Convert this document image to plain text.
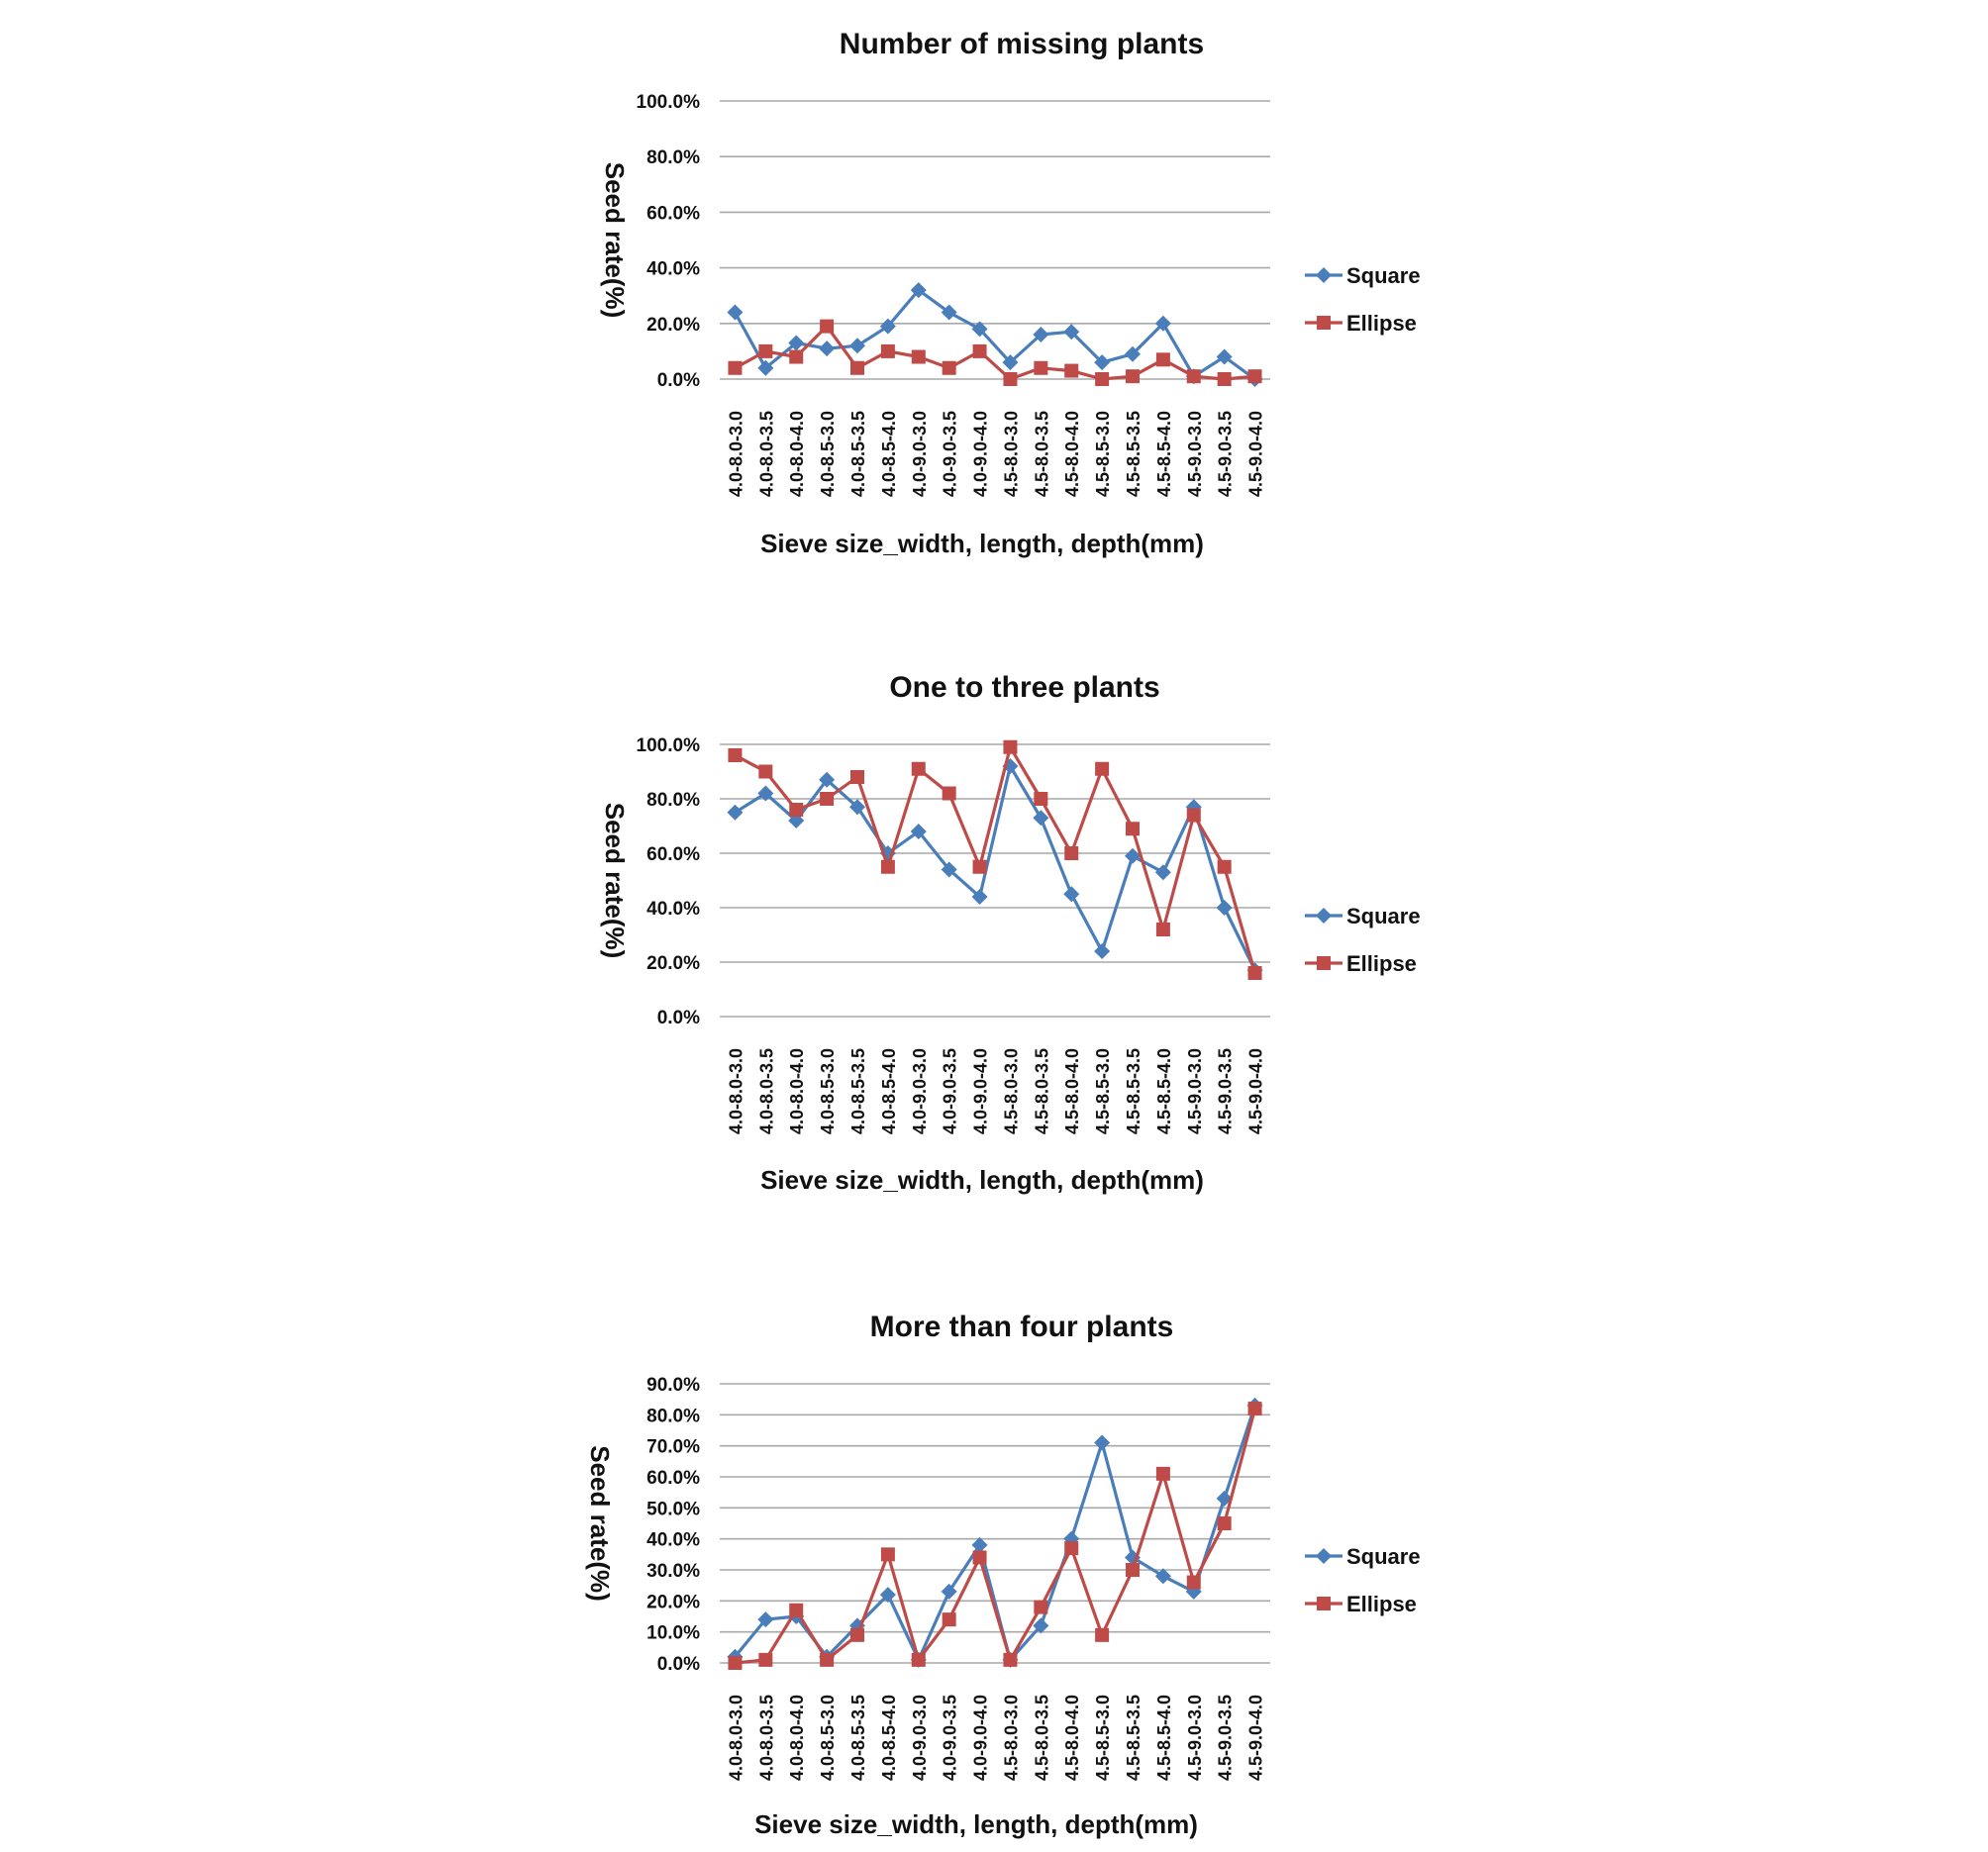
Number of missing plants
0.0%
20.0%
40.0%
60.0%
80.0%
100.0%
Seed rate(%)
4.0-8.0-3.0 4.0-8.0-3.5 4.0-8.0-4.0 4.0-8.5-3.0 4.0-8.5-3.5 4.0-8.5-4.0 4.0-9.0-3.0 4.0-9.0-3.5 4.0-9.0-4.0 4.5-8.0-3.0 4.5-8.0-3.5 4.5-8.0-4.0 4.5-8.5-3.0 4.5-8.5-3.5 4.5-8.5-4.0 4.5-9.0-3.0 4.5-9.0-3.5 4.5-9.0-4.0
Sieve size_width, length, depth(mm)
Square
Ellipse
One to three plants
0.0%
20.0%
40.0%
60.0%
80.0%
100.0%
Seed rate(%)
4.0-8.0-3.0 4.0-8.0-3.5 4.0-8.0-4.0 4.0-8.5-3.0 4.0-8.5-3.5 4.0-8.5-4.0 4.0-9.0-3.0 4.0-9.0-3.5 4.0-9.0-4.0 4.5-8.0-3.0 4.5-8.0-3.5 4.5-8.0-4.0 4.5-8.5-3.0 4.5-8.5-3.5 4.5-8.5-4.0 4.5-9.0-3.0 4.5-9.0-3.5 4.5-9.0-4.0
Sieve size_width, length, depth(mm)
Square
Ellipse
More than four plants
0.0%
10.0%
20.0%
30.0%
40.0%
50.0%
60.0%
70.0%
80.0%
90.0%
Seed rate(%)
4.0-8.0-3.0 4.0-8.0-3.5 4.0-8.0-4.0 4.0-8.5-3.0 4.0-8.5-3.5 4.0-8.5-4.0 4.0-9.0-3.0 4.0-9.0-3.5 4.0-9.0-4.0 4.5-8.0-3.0 4.5-8.0-3.5 4.5-8.0-4.0 4.5-8.5-3.0 4.5-8.5-3.5 4.5-8.5-4.0 4.5-9.0-3.0 4.5-9.0-3.5 4.5-9.0-4.0
Sieve size_width, length, depth(mm)
Square
Ellipse
